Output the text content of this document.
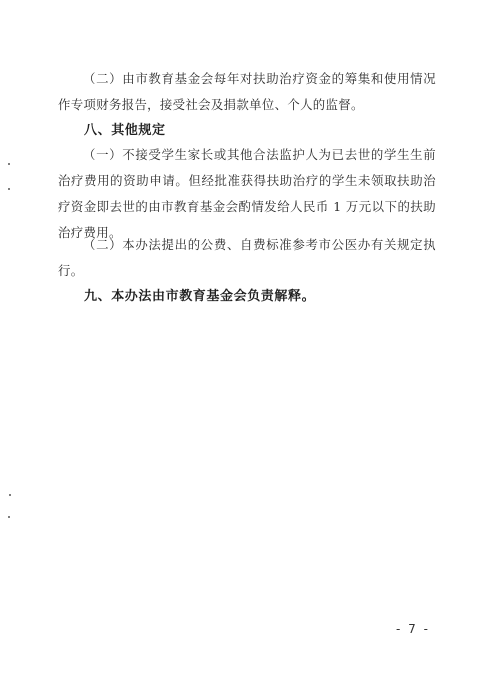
（二）由市教育基金会每年对扶助治疗资金的筹集和使用情况作专项财务报告，接受社会及捐款单位、个人的监督。
八、其他规定
（一）不接受学生家长或其他合法监护人为已去世的学生生前治疗费用的资助申请。但经批准获得扶助治疗的学生未领取扶助治疗资金即去世的由市教育基金会酌情发给人民币 1 万元以下的扶助治疗费用。
（二）本办法提出的公费、自费标准参考市公医办有关规定执行。
九、本办法由市教育基金会负责解释。
- 7 -
